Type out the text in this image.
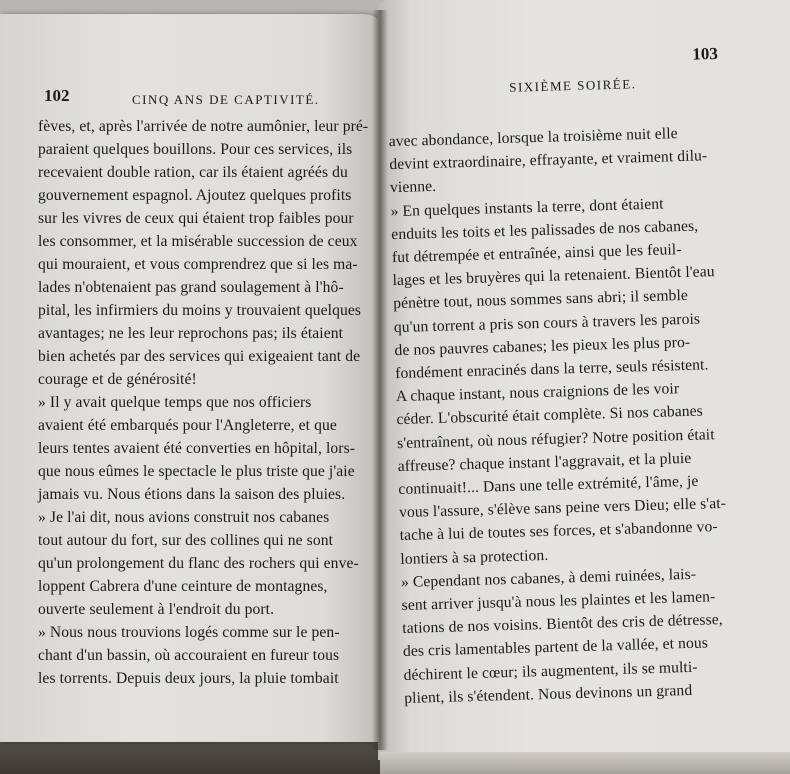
102	CINQ ANS DE CAPTIVITÉ.
fèves, et, après l'arrivée de notre aumônier, leur pré-
paraient quelques bouillons. Pour ces services, ils
recevaient double ration, car ils étaient agréés du
gouvernement espagnol. Ajoutez quelques profits
sur les vivres de ceux qui étaient trop faibles pour
les consommer, et la misérable succession de ceux
qui mouraient, et vous comprendrez que si les ma-
lades n'obtenaient pas grand soulagement à l'hô-
pital, les infirmiers du moins y trouvaient quelques
avantages; ne les leur reprochons pas; ils étaient
bien achetés par des services qui exigeaient tant de
courage et de générosité!
» Il y avait quelque temps que nos officiers
avaient été embarqués pour l'Angleterre, et que
leurs tentes avaient été converties en hôpital, lors-
que nous eûmes le spectacle le plus triste que j'aie
jamais vu. Nous étions dans la saison des pluies.
» Je l'ai dit, nous avions construit nos cabanes
tout autour du fort, sur des collines qui ne sont
qu'un prolongement du flanc des rochers qui enve-
loppent Cabrera d'une ceinture de montagnes,
ouverte seulement à l'endroit du port.
» Nous nous trouvions logés comme sur le pen-
chant d'un bassin, où accouraient en fureur tous
les torrents. Depuis deux jours, la pluie tombait
103
SIXIÈME SOIRÉE.
avec abondance, lorsque la troisième nuit elle
devint extraordinaire, effrayante, et vraiment dilu-
vienne.
» En quelques instants la terre, dont étaient
enduits les toits et les palissades de nos cabanes,
fut détrempée et entraînée, ainsi que les feuil-
lages et les bruyères qui la retenaient. Bientôt l'eau
pénètre tout, nous sommes sans abri; il semble
qu'un torrent a pris son cours à travers les parois
de nos pauvres cabanes; les pieux les plus pro-
fondément enracinés dans la terre, seuls résistent.
A chaque instant, nous craignions de les voir
céder. L'obscurité était complète. Si nos cabanes
s'entraînent, où nous réfugier? Notre position était
affreuse? chaque instant l'aggravait, et la pluie
continuait!... Dans une telle extrémité, l'âme, je
vous l'assure, s'élève sans peine vers Dieu; elle s'at-
tache à lui de toutes ses forces, et s'abandonne vo-
lontiers à sa protection.
» Cependant nos cabanes, à demi ruinées, lais-
sent arriver jusqu'à nous les plaintes et les lamen-
tations de nos voisins. Bientôt des cris de détresse,
des cris lamentables partent de la vallée, et nous
déchirent le cœur; ils augmentent, ils se multi-
plient, ils s'étendent. Nous devinons un grand
